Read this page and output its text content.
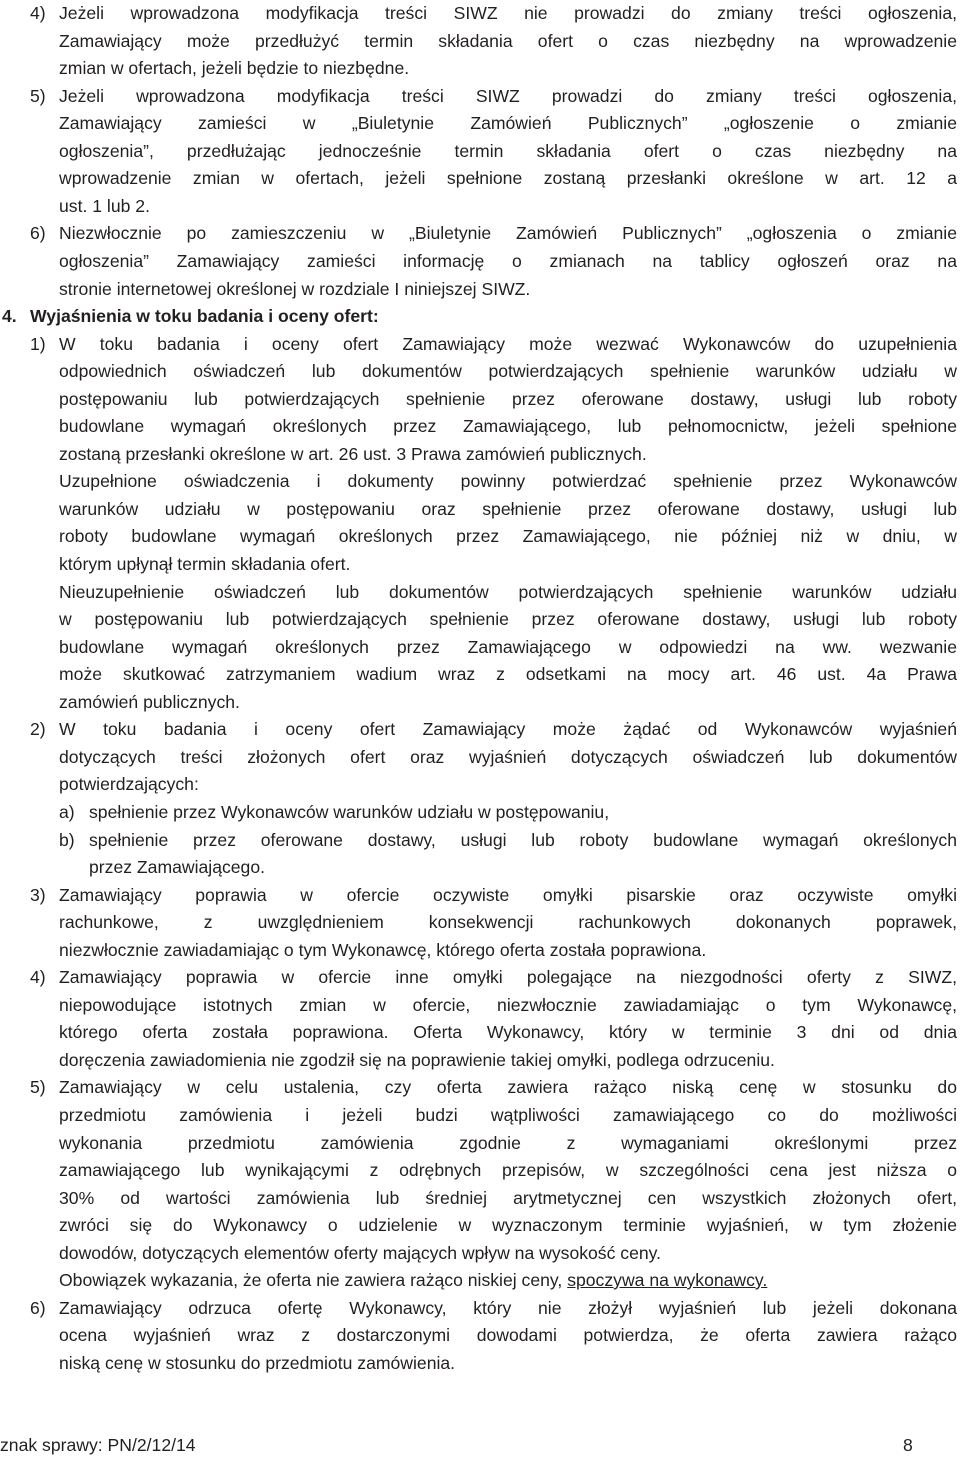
4) Jeżeli wprowadzona modyfikacja treści SIWZ nie prowadzi do zmiany treści ogłoszenia,
Zamawiający może przedłużyć termin składania ofert o czas niezbędny na wprowadzenie
zmian w ofertach, jeżeli będzie to niezbędne.
5) Jeżeli wprowadzona modyfikacja treści SIWZ prowadzi do zmiany treści ogłoszenia,
Zamawiający zamieści w „Biuletynie Zamówień Publicznych” „ogłoszenie o zmianie
ogłoszenia”, przedłużając jednocześnie termin składania ofert o czas niezbędny na
wprowadzenie zmian w ofertach, jeżeli spełnione zostaną przesłanki określone w art. 12 a
ust. 1 lub 2.
6) Niezwłocznie po zamieszczeniu w „Biuletynie Zamówień Publicznych” „ogłoszenia o zmianie
ogłoszenia” Zamawiający zamieści informację o zmianach na tablicy ogłoszeń oraz na
stronie internetowej określonej w rozdziale I niniejszej SIWZ.
4. Wyjaśnienia w toku badania i oceny ofert:
1) W toku badania i oceny ofert Zamawiający może wezwać Wykonawców do uzupełnienia
odpowiednich oświadczeń lub dokumentów potwierdzających spełnienie warunków udziału w
postępowaniu lub potwierdzających spełnienie przez oferowane dostawy, usługi lub roboty
budowlane wymagań określonych przez Zamawiającego, lub pełnomocnictw, jeżeli spełnione
zostaną przesłanki określone w art. 26 ust. 3 Prawa zamówień publicznych.
Uzupełnione oświadczenia i dokumenty powinny potwierdzać spełnienie przez Wykonawców
warunków udziału w postępowaniu oraz spełnienie przez oferowane dostawy, usługi lub
roboty budowlane wymagań określonych przez Zamawiającego, nie później niż w dniu, w
którym upłynął termin składania ofert.
Nieuzupełnienie oświadczeń lub dokumentów potwierdzających spełnienie warunków udziału
w postępowaniu lub potwierdzających spełnienie przez oferowane dostawy, usługi lub roboty
budowlane wymagań określonych przez Zamawiającego w odpowiedzi na ww. wezwanie
może skutkować zatrzymaniem wadium wraz z odsetkami na mocy art. 46 ust. 4a Prawa
zamówień publicznych.
2) W toku badania i oceny ofert Zamawiający może żądać od Wykonawców wyjaśnień
dotyczących treści złożonych ofert oraz wyjaśnień dotyczących oświadczeń lub dokumentów
potwierdzających:
a) spełnienie przez Wykonawców warunków udziału w postępowaniu,
b) spełnienie przez oferowane dostawy, usługi lub roboty budowlane wymagań określonych
przez Zamawiającego.
3) Zamawiający poprawia w ofercie oczywiste omyłki pisarskie oraz oczywiste omyłki
rachunkowe, z uwzględnieniem konsekwencji rachunkowych dokonanych poprawek,
niezwłocznie zawiadamiając o tym Wykonawcę, którego oferta została poprawiona.
4) Zamawiający poprawia w ofercie inne omyłki polegające na niezgodności oferty z SIWZ,
niepowodujące istotnych zmian w ofercie, niezwłocznie zawiadamiając o tym Wykonawcę,
którego oferta została poprawiona. Oferta Wykonawcy, który w terminie 3 dni od dnia
doręczenia zawiadomienia nie zgodził się na poprawienie takiej omyłki, podlega odrzuceniu.
5) Zamawiający w celu ustalenia, czy oferta zawiera rażąco niską cenę w stosunku do
przedmiotu zamówienia i jeżeli budzi wątpliwości zamawiającego co do możliwości
wykonania przedmiotu zamówienia zgodnie z wymaganiami określonymi przez
zamawiającego lub wynikającymi z odrębnych przepisów, w szczególności cena jest niższa o
30% od wartości zamówienia lub średniej arytmetycznej cen wszystkich złożonych ofert,
zwróci się do Wykonawcy o udzielenie w wyznaczonym terminie wyjaśnień, w tym złożenie
dowodów, dotyczących elementów oferty mających wpływ na wysokość ceny.
Obowiązek wykazania, że oferta nie zawiera rażąco niskiej ceny, spoczywa na wykonawcy.
6) Zamawiający odrzuca ofertę Wykonawcy, który nie złożył wyjaśnień lub jeżeli dokonana
ocena wyjaśnień wraz z dostarczonymi dowodami potwierdza, że oferta zawiera rażąco
niską cenę w stosunku do przedmiotu zamówienia.
znak sprawy: PN/2/12/14	8
